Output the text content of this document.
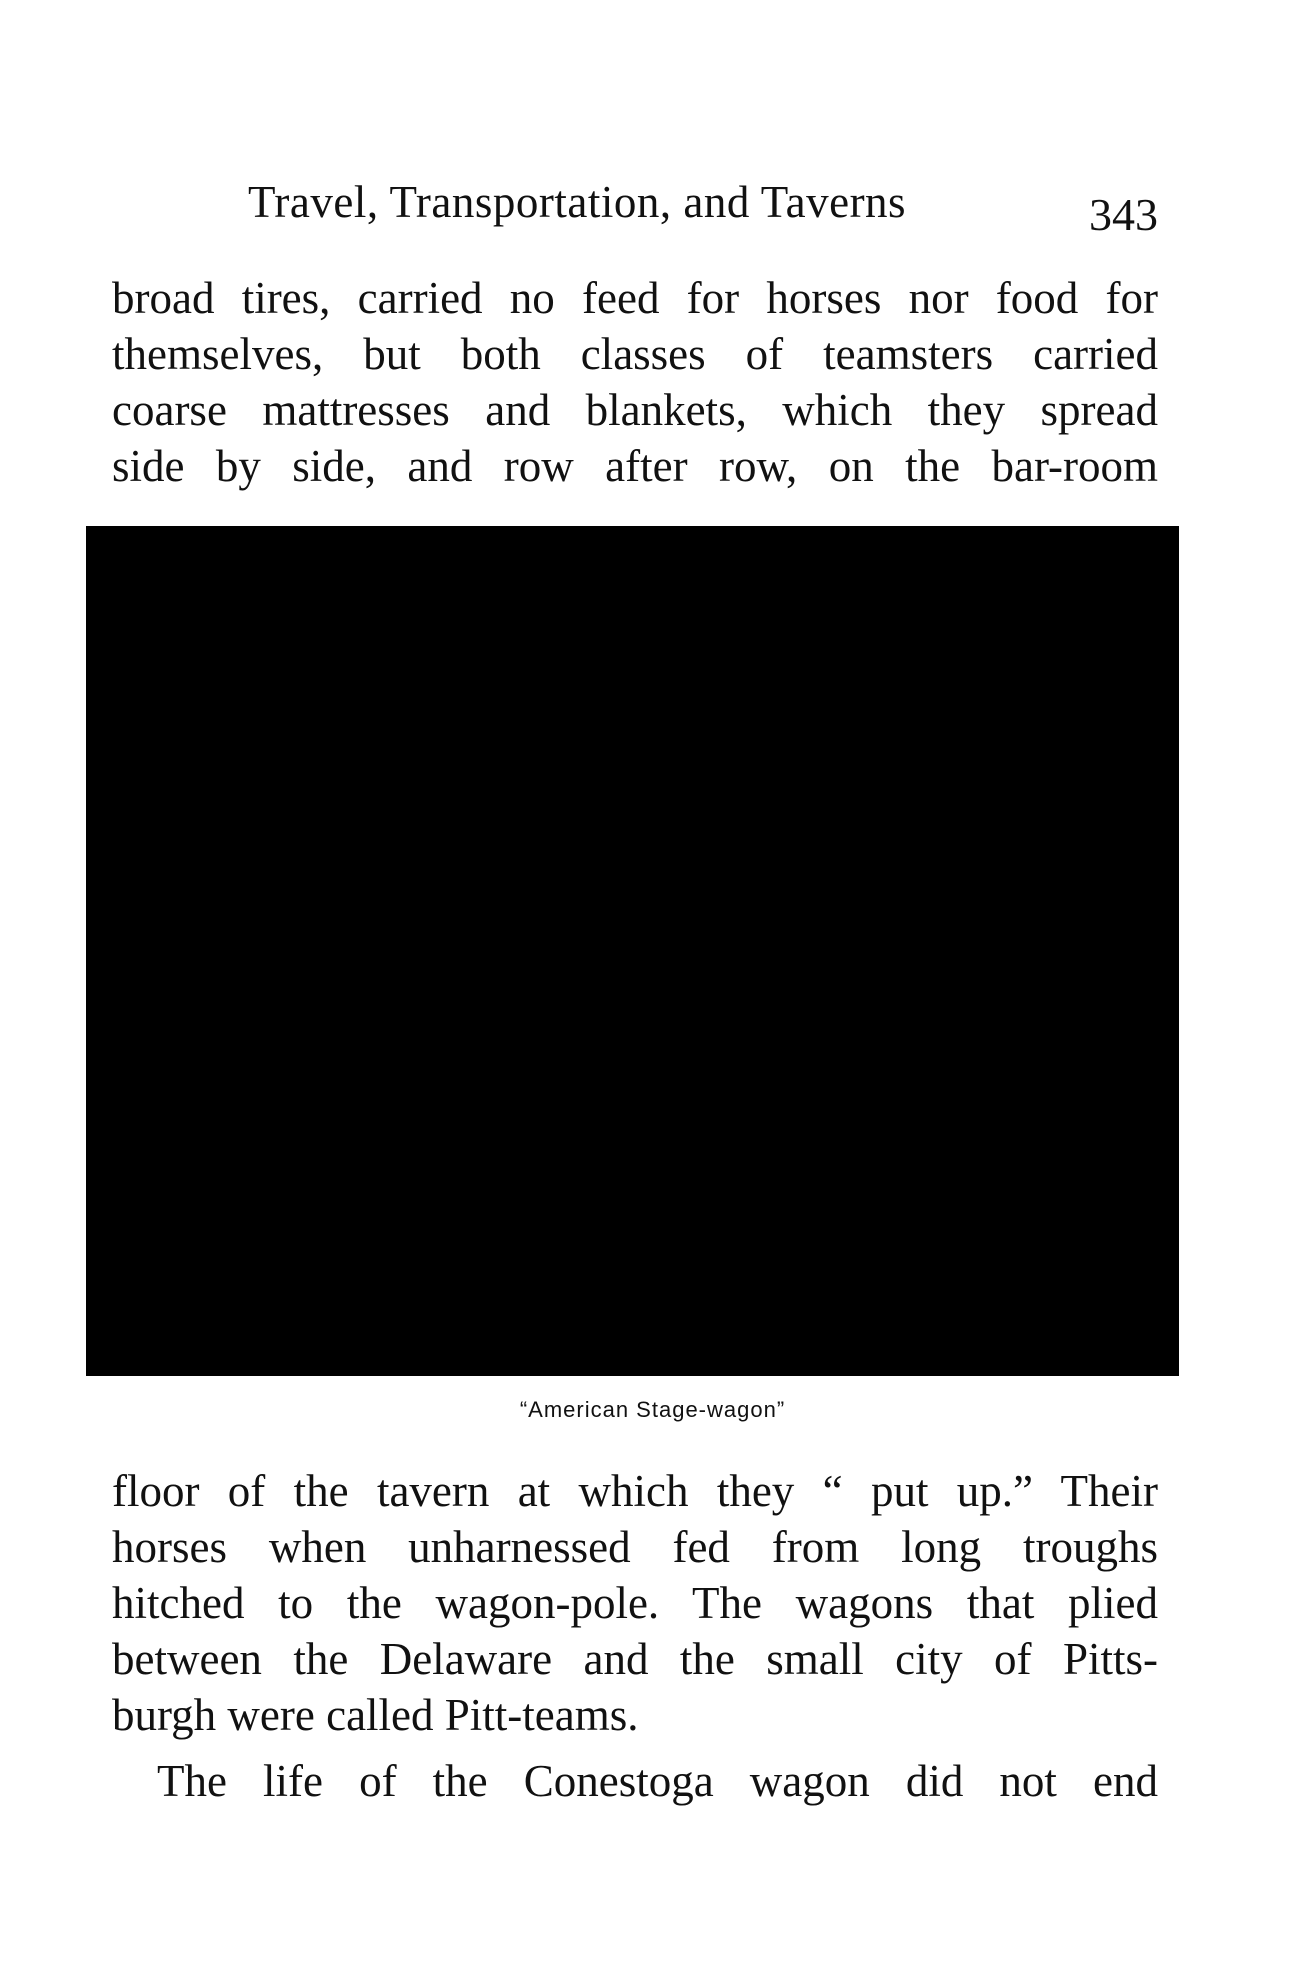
Travel, Transportation, and Taverns	343
broad tires, carried no feed for horses nor food for
themselves, but both classes of teamsters carried
coarse mattresses and blankets, which they spread
side by side, and row after row, on the bar-room
“American Stage-wagon”
floor of the tavern at which they “ put up.” Their
horses when unharnessed fed from long troughs
hitched to the wagon-pole. The wagons that plied
between the Delaware and the small city of Pitts-
burgh were called Pitt-teams.
The life of the Conestoga wagon did not end
